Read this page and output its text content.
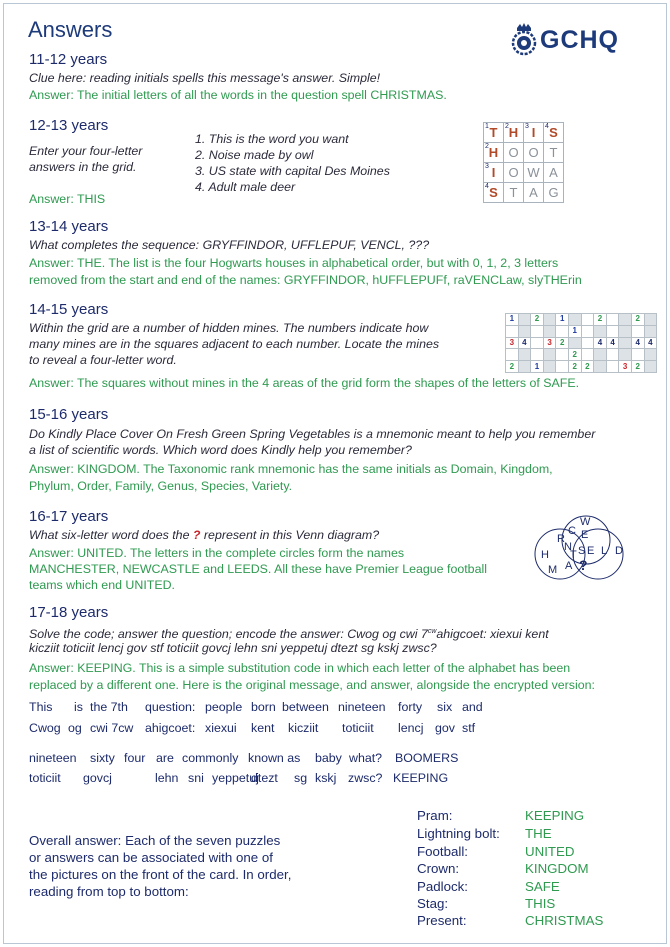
Answers	GCHQ
11-12 years
Clue here: reading initials spells this message's answer. Simple!
Answer: The initial letters of all the words in the question spell CHRISTMAS.
12-13 years
Enter your four-letter
answers in the grid.
1. This is the word you want
2. Noise made by owl
3. US state with capital Des Moines
4. Adult male deer
Answer: THIS
1 T	2 H	3 I	4 S

2 H	O	O	T

3 I	O	W	A

4 S	T	A	G
13-14 years
What completes the sequence: GRYFFINDOR, UFFLEPUF, VENCL, ???
Answer: THE. The list is the four Hogwarts houses in alphabetical order, but with 0, 1, 2, 3 letters
removed from the start and end of the names: GRYFFINDOR, hUFFLEPUFf, raVENCLaw, slyTHErin
14-15 years
Within the grid are a number of hidden mines. The numbers indicate how
many mines are in the squares adjacent to each number. Locate the mines
to reveal a four-letter word.
Answer: The squares without mines in the 4 areas of the grid form the shapes of the letters of SAFE.
1		2		1			2			2	
					1						
3	4		3	2			4	4		4	4
					2						
2		1			2	2			3	2	
15-16 years
Do Kindly Place Cover On Fresh Green Spring Vegetables is a mnemonic meant to help you remember
a list of scientific words. Which word does Kindly help you remember?
Answer: KINGDOM. The Taxonomic rank mnemonic has the same initials as Domain, Kingdom,
Phylum, Order, Family, Genus, Species, Variety.
16-17 years
What six-letter word does the ? represent in this Venn diagram?
Answer: UNITED. The letters in the complete circles form the names
MANCHESTER, NEWCASTLE and LEEDS. All these have Premier League football
teams which end UNITED.
W
C E
R
N
T S E L D
H
A
M ?
17-18 years
Solve the code; answer the question; encode the answer: Cwog og cwi $7^{cw}ahigcoet$: xiexui kent
kicziit toticiit lencj gov stf toticiit govcj lehn sni yeppetuj dtezt sg kskj zwsc?
Answer: KEEPING. This is a simple substitution code in which each letter of the alphabet has been
replaced by a different one. Here is the original message, and answer, alongside the encrypted version:
This is the 7th question: people born between nineteen forty six and
Cwog og cwi 7cw ahigcoet: xiexui kent kicziit toticiit lencj gov stf
nineteen sixty four are commonly known as baby what? BOOMERS
toticiit govcj	lehn sni yeppetuj
dtezt sg kskj zwsc? KEEPING
Overall answer: Each of the seven puzzles
or answers can be associated with one of
the pictures on the front of the card. In order,
reading from top to bottom:
Pram:	KEEPING
Lightning bolt: THE
Football:	UNITED
Crown:	KINGDOM
Padlock:	SAFE
Stag:	THIS
Present:	CHRISTMAS
